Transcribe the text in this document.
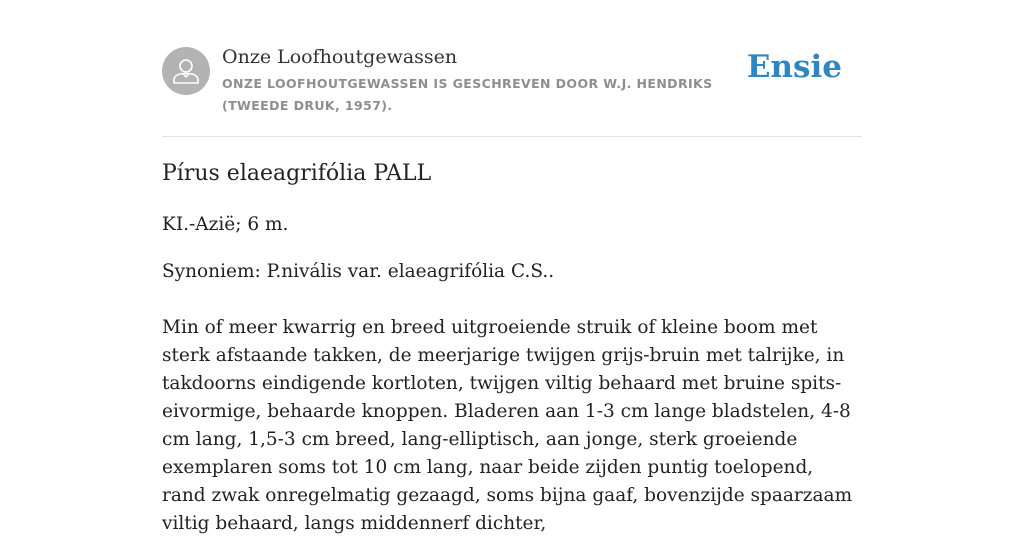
Onze Loofhoutgewassen
ONZE LOOFHOUTGEWASSEN IS GESCHREVEN DOOR W.J. HENDRIKS (TWEEDE DRUK, 1957).
Ensie
Pírus elaeagrifólia PALL

KI.-Azië; 6 m.

Synoniem: P.nivális var. elaeagrifólia C.S..

Min of meer kwarrig en breed uitgroeiende struik of kleine boom met sterk afstaande takken, de meerjarige twijgen grijs-bruin met talrijke, in takdoorns eindigende kortloten, twijgen viltig behaard met bruine spits-eivormige, behaarde knoppen. Bladeren aan 1-3 cm lange bladstelen, 4-8 cm lang, 1,5-3 cm breed, lang-elliptisch, aan jonge, sterk groeiende exemplaren soms tot 10 cm lang, naar beide zijden puntig toelopend, rand zwak onregelmatig gezaagd, soms bijna gaaf, bovenzijde spaarzaam viltig behaard, langs middennerf dichter,
